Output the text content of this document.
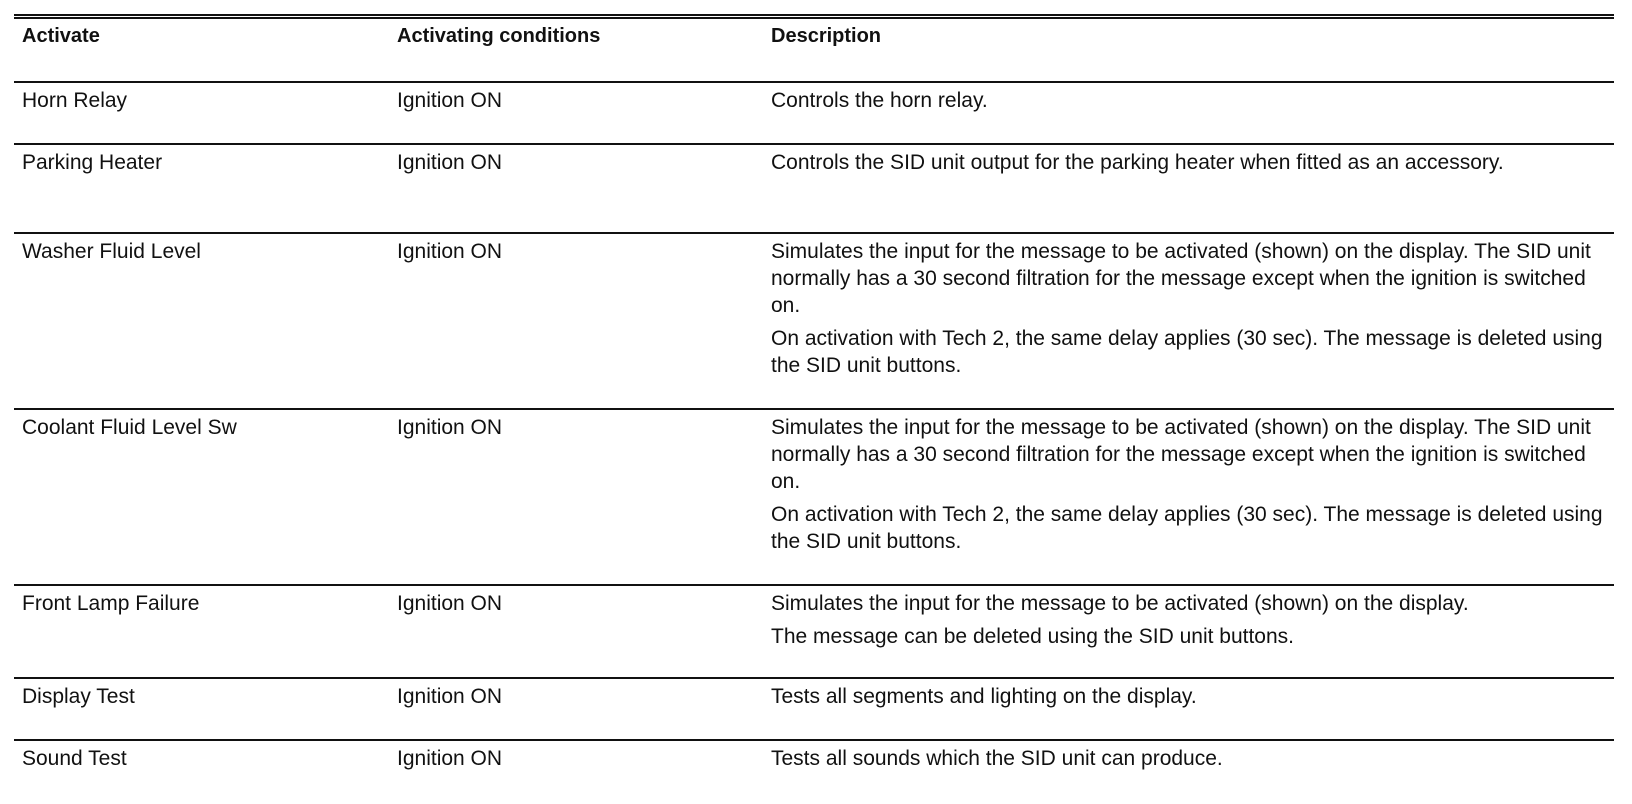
Activate	Activating conditions	Description
Horn Relay	Ignition ON	Controls the horn relay.

Parking Heater	Ignition ON	Controls the SID unit output for the parking heater when fitted as an accessory.

Washer Fluid Level	Ignition ON	Simulates the input for the message to be activated (shown) on the display. The SID unit normally has a 30 second filtration for the message except when the ignition is switched on.

On activation with Tech 2, the same delay applies (30 sec). The message is deleted using the SID unit buttons.

Coolant Fluid Level Sw	Ignition ON	Simulates the input for the message to be activated (shown) on the display. The SID unit normally has a 30 second filtration for the message except when the ignition is switched on.

On activation with Tech 2, the same delay applies (30 sec). The message is deleted using the SID unit buttons.

Front Lamp Failure	Ignition ON	Simulates the input for the message to be activated (shown) on the display.

The message can be deleted using the SID unit buttons.

Display Test	Ignition ON	Tests all segments and lighting on the display.

Sound Test	Ignition ON	Tests all sounds which the SID unit can produce.
